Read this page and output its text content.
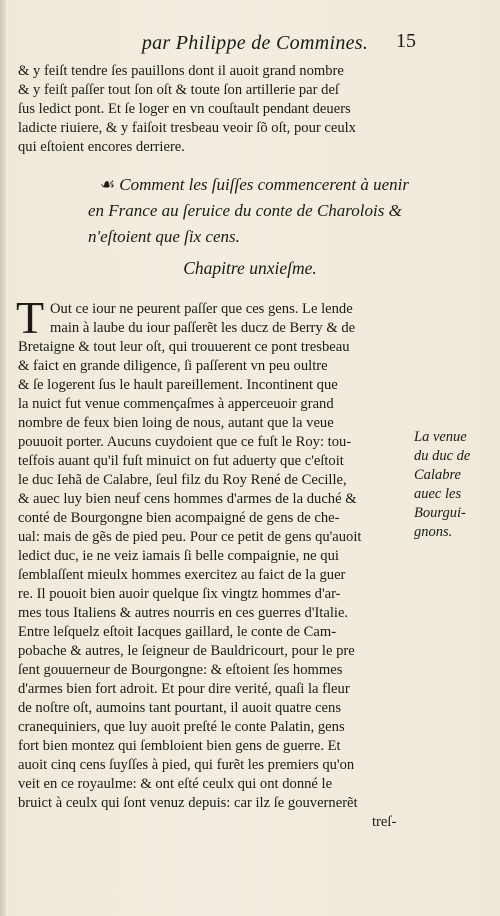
par Philippe de Commines.	15
& y feiſt tendre ſes pauillons dont il auoit grand nombre
& y feiſt paſſer tout ſon oſt & toute ſon artillerie par deſ
ſus ledict pont. Et ſe loger en vn couſtault pendant deuers
ladicte riuiere, & y faiſoit tresbeau veoir ſõ oſt, pour ceulx
qui eſtoient encores derriere.
☙ Comment les ſuiſſes commencerent à uenir
en France au ſeruice du conte de Charolois &
n'eſtoient que ſix cens.
Chapitre unxieſme.
T Out ce iour ne peurent paſſer que ces gens. Le lende
main à laube du iour paſſerẽt les ducz de Berry & de
Bretaigne & tout leur oſt, qui trouuerent ce pont tresbeau
& faict en grande diligence, ſi paſſerent vn peu oultre
& ſe logerent ſus le hault pareillement. Incontinent que
la nuict fut venue commençaſmes à apperceuoir grand
nombre de feux bien loing de nous, autant que la veue
pouuoit porter. Aucuns cuydoient que ce fuſt le Roy: tou-
teſfois auant qu'il fuſt minuict on fut aduerty que c'eſtoit
le duc Iehã de Calabre, ſeul filz du Roy René de Cecille,
& auec luy bien neuf cens hommes d'armes de la duché &
conté de Bourgongne bien acompaigné de gens de che-
ual: mais de gẽs de pied peu. Pour ce petit de gens qu'auoit
ledict duc, ie ne veiz iamais ſi belle compaignie, ne qui
ſemblaſſent mieulx hommes exercitez au faict de la guer
re. Il pouoit bien auoir quelque ſix vingtz hommes d'ar-
mes tous Italiens & autres nourris en ces guerres d'Italie.
Entre leſquelz eſtoit Iacques gaillard, le conte de Cam-
pobache & autres, le ſeigneur de Bauldricourt, pour le pre
ſent gouuerneur de Bourgongne: & eſtoient ſes hommes
d'armes bien fort adroit. Et pour dire verité, quaſi la fleur
de noſtre oſt, aumoins tant pourtant, il auoit quatre cens
cranequiniers, que luy auoit preſté le conte Palatin, gens
fort bien montez qui ſembloient bien gens de guerre. Et
auoit cinq cens ſuyſſes à pied, qui furẽt les premiers qu'on
veit en ce royaulme: & ont eſté ceulx qui ont donné le
bruict à ceulx qui ſont venuz depuis: car ilz ſe gouvernerẽt
treſ-
La venue
du duc de
Calabre
auec les
Bourgui-
gnons.
